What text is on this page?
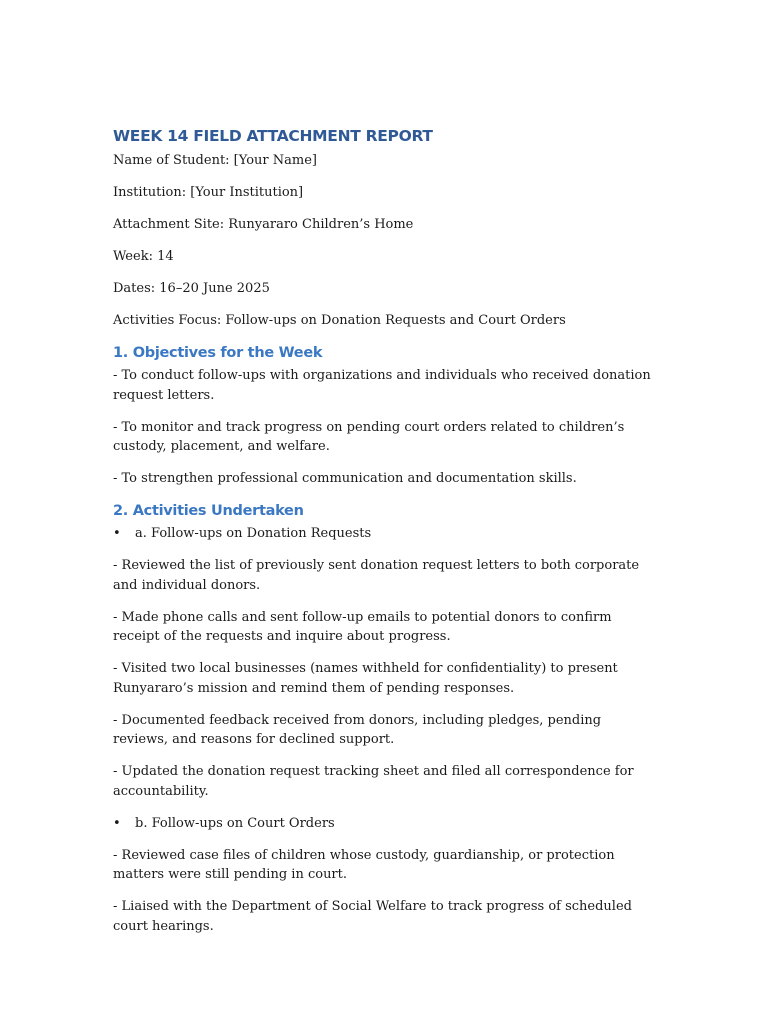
WEEK 14 FIELD ATTACHMENT REPORT
Name of Student: [Your Name]
Institution: [Your Institution]
Attachment Site: Runyararo Children’s Home
Week: 14
Dates: 16–20 June 2025
Activities Focus: Follow-ups on Donation Requests and Court Orders
1. Objectives for the Week
- To conduct follow-ups with organizations and individuals who received donation request letters.
- To monitor and track progress on pending court orders related to children’s custody, placement, and welfare.
- To strengthen professional communication and documentation skills.
2. Activities Undertaken
•	a. Follow-ups on Donation Requests
- Reviewed the list of previously sent donation request letters to both corporate and individual donors.
- Made phone calls and sent follow-up emails to potential donors to confirm receipt of the requests and inquire about progress.
- Visited two local businesses (names withheld for confidentiality) to present Runyararo’s mission and remind them of pending responses.
- Documented feedback received from donors, including pledges, pending reviews, and reasons for declined support.
- Updated the donation request tracking sheet and filed all correspondence for accountability.
•	b. Follow-ups on Court Orders
- Reviewed case files of children whose custody, guardianship, or protection matters were still pending in court.
- Liaised with the Department of Social Welfare to track progress of scheduled court hearings.
